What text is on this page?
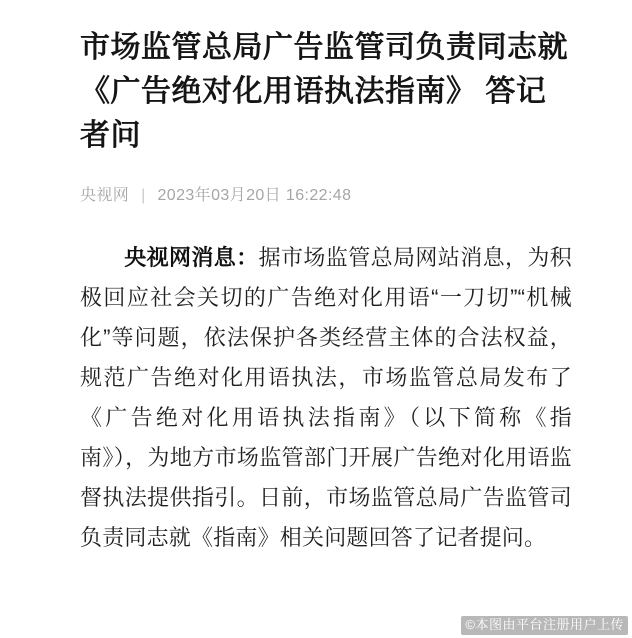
市场监管总局广告监管司负责同志就 《广告绝对化用语执法指南》 答记者问
央视网 | 2023年03月20日 16:22:48

央视网消息：据市场监管总局网站消息，为积极回应社会关切的广告绝对化用语“一刀切”“机械化”等问题，依法保护各类经营主体的合法权益，规范广告绝对化用语执法，市场监管总局发布了《广告绝对化用语执法指南》（以下简称《指南》），为地方市场监管部门开展广告绝对化用语监督执法提供指引。日前，市场监管总局广告监管司负责同志就《指南》相关问题回答了记者提问。

©本图由平台注册用户上传
